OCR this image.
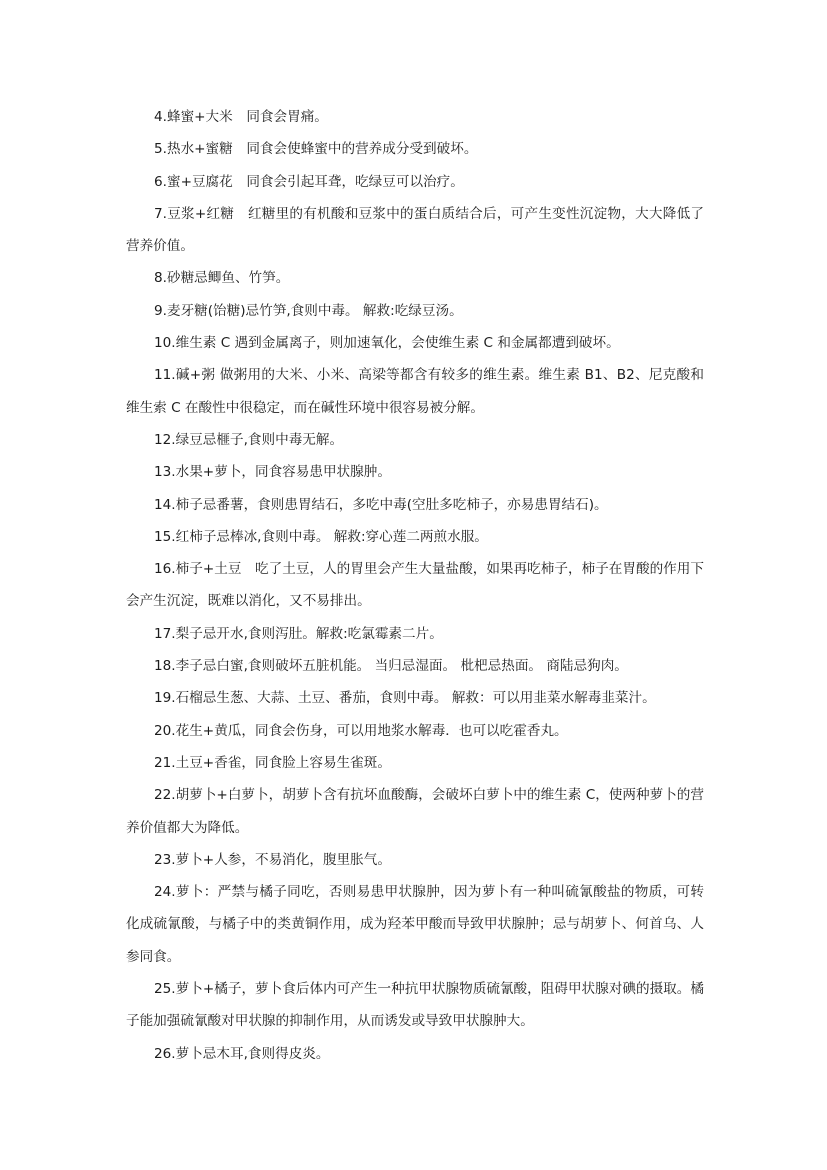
4.蜂蜜+大米　同食会胃痛。

5.热水+蜜糖　同食会使蜂蜜中的营养成分受到破坏。

6.蜜+豆腐花　同食会引起耳聋，吃绿豆可以治疗。

7.豆浆+红糖　红糖里的有机酸和豆浆中的蛋白质结合后，可产生变性沉淀物，大大降低了营养价值。

8.砂糖忌鲫鱼、竹笋。

9.麦牙糖(饴糖)忌竹笋,食则中毒。 解救:吃绿豆汤。

10.维生素 C 遇到金属离子，则加速氧化，会使维生素 C 和金属都遭到破坏。

11.碱+粥 做粥用的大米、小米、高梁等都含有较多的维生素。维生素 B1、B2、尼克酸和维生索 C 在酸性中很稳定，而在碱性环境中很容易被分解。

12.绿豆忌榧子,食则中毒无解。

13.水果+萝卜，同食容易患甲状腺肿。

14.柿子忌番薯，食则患胃结石，多吃中毒(空肚多吃柿子，亦易患胃结石)。

15.红柿子忌棒冰,食则中毒。 解救:穿心莲二两煎水服。

16.柿子+土豆　吃了土豆，人的胃里会产生大量盐酸，如果再吃柿子，柿子在胃酸的作用下会产生沉淀，既难以消化，又不易排出。

17.梨子忌开水,食则泻肚。解救:吃氯霉素二片。

18.李子忌白蜜,食则破坏五脏机能。 当归忌湿面。 枇杷忌热面。 商陆忌狗肉。

19.石榴忌生葱、大蒜、土豆、番茄，食则中毒。 解救：可以用韭菜水解毒韭菜汁。

20.花生+黄瓜，同食会伤身，可以用地浆水解毒．也可以吃霍香丸。

21.土豆+香雀，同食脸上容易生雀斑。

22.胡萝卜+白萝卜，胡萝卜含有抗坏血酸酶，会破坏白萝卜中的维生素 C，使两种萝卜的营养价值都大为降低。

23.萝卜+人参，不易消化，腹里胀气。

24.萝卜：严禁与橘子同吃，否则易患甲状腺肿，因为萝卜有一种叫硫氰酸盐的物质，可转化成硫氰酸，与橘子中的类黄铜作用，成为羟苯甲酸而导致甲状腺肿；忌与胡萝卜、何首乌、人参同食。

25.萝卜+橘子，萝卜食后体内可产生一种抗甲状腺物质硫氰酸，阻碍甲状腺对碘的摄取。橘子能加强硫氰酸对甲状腺的抑制作用，从而诱发或导致甲状腺肿大。

26.萝卜忌木耳,食则得皮炎。
